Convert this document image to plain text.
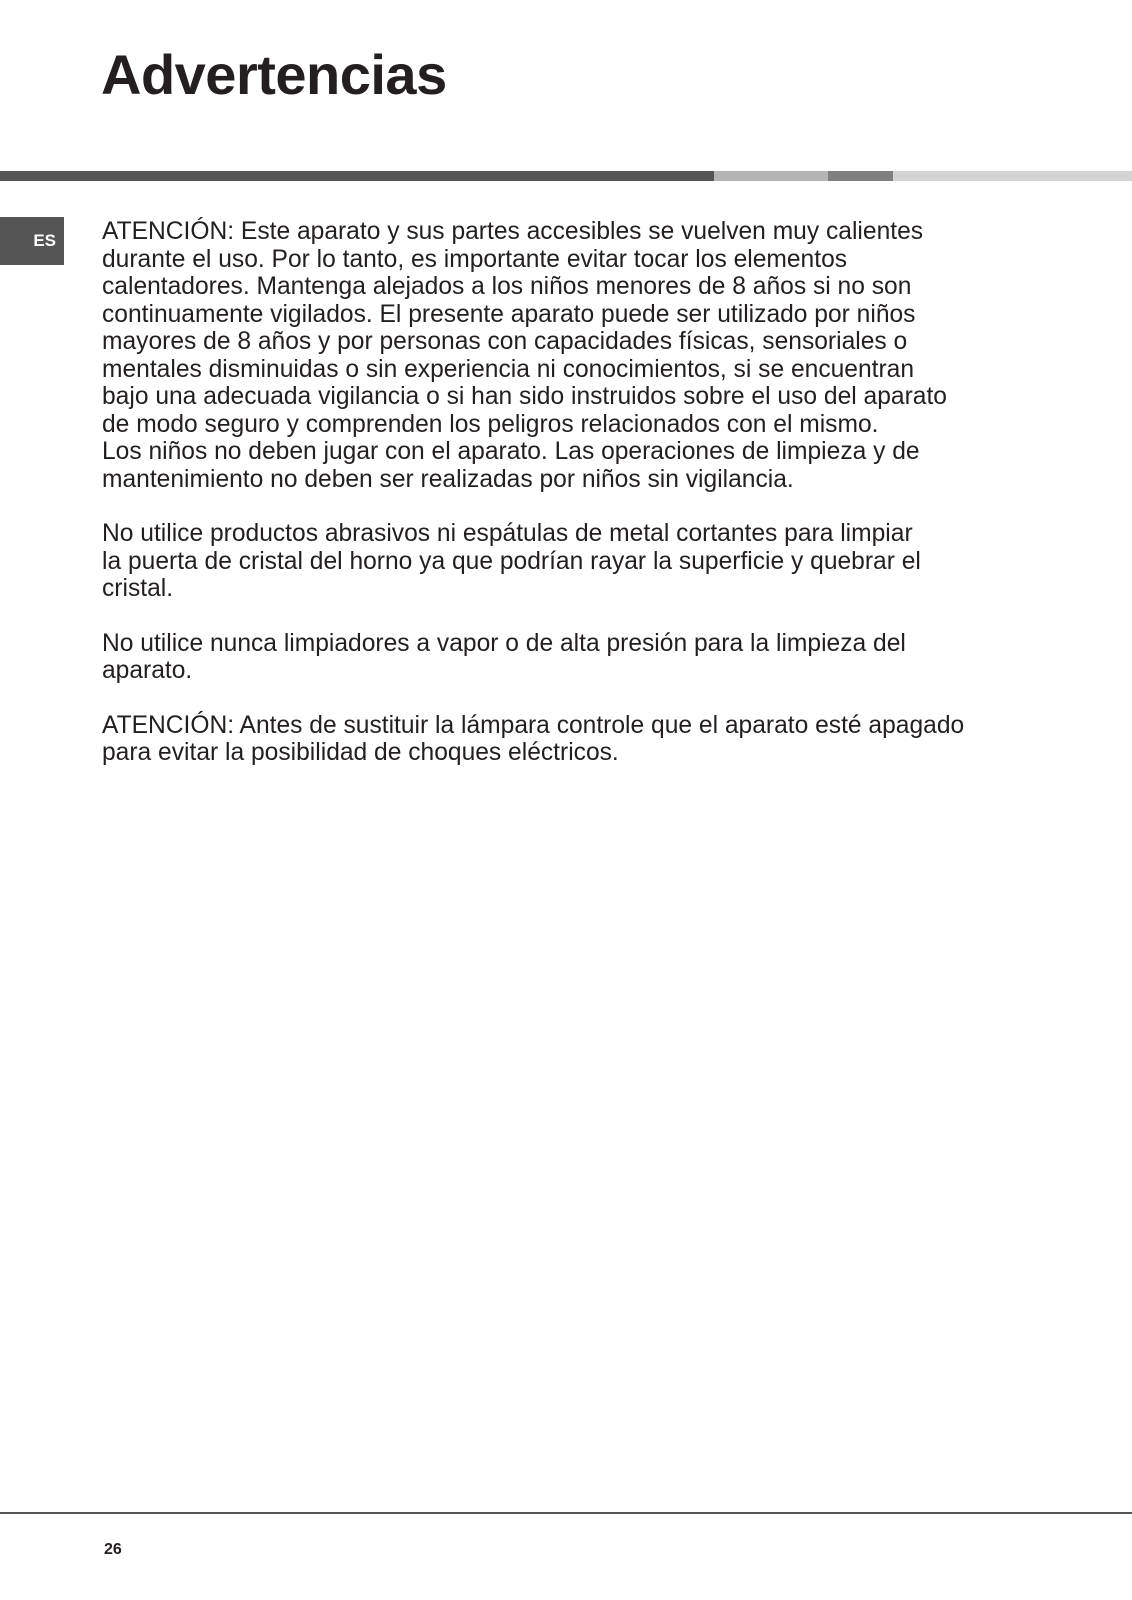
Advertencias
ES	ATENCIÓN: Este aparato y sus partes accesibles se vuelven muy calientes
durante el uso. Por lo tanto, es importante evitar tocar los elementos
calentadores. Mantenga alejados a los niños menores de 8 años si no son
continuamente vigilados. El presente aparato puede ser utilizado por niños
mayores de 8 años y por personas con capacidades físicas, sensoriales o
mentales disminuidas o sin experiencia ni conocimientos, si se encuentran
bajo una adecuada vigilancia o si han sido instruidos sobre el uso del aparato
de modo seguro y comprenden los peligros relacionados con el mismo.
Los niños no deben jugar con el aparato. Las operaciones de limpieza y de
mantenimiento no deben ser realizadas por niños sin vigilancia.

No utilice productos abrasivos ni espátulas de metal cortantes para limpiar
la puerta de cristal del horno ya que podrían rayar la superficie y quebrar el
cristal.

No utilice nunca limpiadores a vapor o de alta presión para la limpieza del
aparato.

ATENCIÓN: Antes de sustituir la lámpara controle que el aparato esté apagado
para evitar la posibilidad de choques eléctricos.

26
